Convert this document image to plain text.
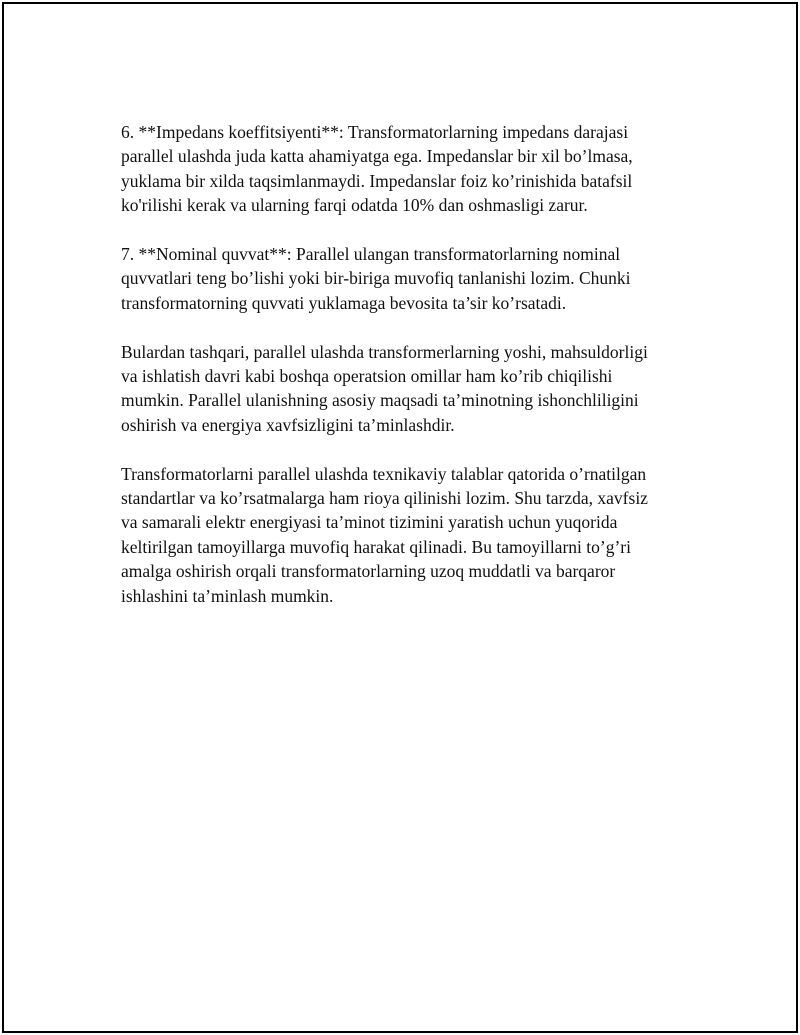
6. **Impedans koeffitsiyenti**: Transformatorlarning impedans darajasi
parallel ulashda juda katta ahamiyatga ega. Impedanslar bir xil bo’lmasa,
yuklama bir xilda taqsimlanmaydi. Impedanslar foiz ko’rinishida batafsil
ko'rilishi kerak va ularning farqi odatda 10% dan oshmasligi zarur.

7. **Nominal quvvat**: Parallel ulangan transformatorlarning nominal
quvvatlari teng bo’lishi yoki bir-biriga muvofiq tanlanishi lozim. Chunki
transformatorning quvvati yuklamaga bevosita ta’sir ko’rsatadi.

Bulardan tashqari, parallel ulashda transformerlarning yoshi, mahsuldorligi
va ishlatish davri kabi boshqa operatsion omillar ham ko’rib chiqilishi
mumkin. Parallel ulanishning asosiy maqsadi ta’minotning ishonchliligini
oshirish va energiya xavfsizligini ta’minlashdir.

Transformatorlarni parallel ulashda texnikaviy talablar qatorida o’rnatilgan
standartlar va ko’rsatmalarga ham rioya qilinishi lozim. Shu tarzda, xavfsiz
va samarali elektr energiyasi ta’minot tizimini yaratish uchun yuqorida
keltirilgan tamoyillarga muvofiq harakat qilinadi. Bu tamoyillarni to’g’ri
amalga oshirish orqali transformatorlarning uzoq muddatli va barqaror
ishlashini ta’minlash mumkin.
